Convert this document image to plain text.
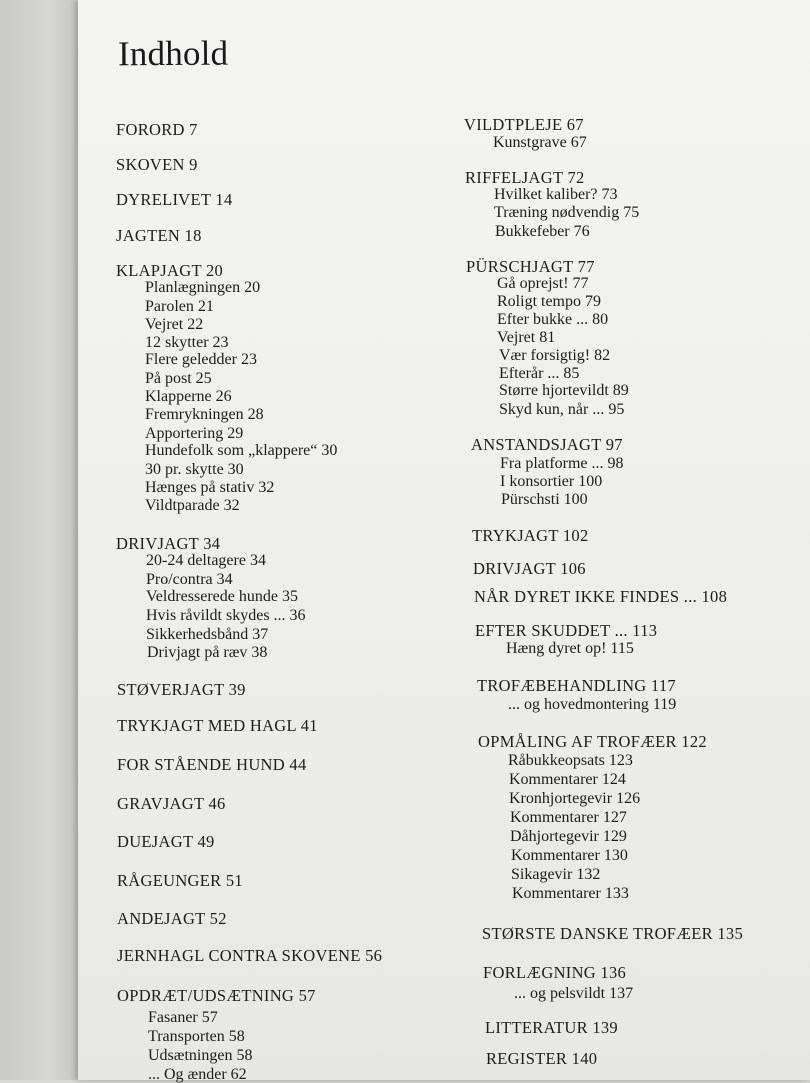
Indhold
FORORD 7
SKOVEN 9
DYRELIVET 14
JAGTEN 18
KLAPJAGT 20
Planlægningen 20
Parolen 21
Vejret 22
12 skytter 23
Flere geledder 23
På post 25
Klapperne 26
Fremrykningen 28
Apportering 29
Hundefolk som „klappere“ 30
30 pr. skytte 30
Hænges på stativ 32
Vildtparade 32
DRIVJAGT 34
20-24 deltagere 34
Pro/contra 34
Veldresserede hunde 35
Hvis råvildt skydes ... 36
Sikkerhedsbånd 37
Drivjagt på ræv 38
STØVERJAGT 39
TRYKJAGT MED HAGL 41
FOR STÅENDE HUND 44
GRAVJAGT 46
DUEJAGT 49
RÅGEUNGER 51
ANDEJAGT 52
JERNHAGL CONTRA SKOVENE 56
OPDRÆT/UDSÆTNING 57
Fasaner 57
Transporten 58
Udsætningen 58
... Og ænder 62
VILDTPLEJE 67
Kunstgrave 67
RIFFELJAGT 72
Hvilket kaliber? 73
Træning nødvendig 75
Bukkefeber 76
PÜRSCHJAGT 77
Gå oprejst! 77
Roligt tempo 79
Efter bukke ... 80
Vejret 81
Vær forsigtig! 82
Efterår ... 85
Større hjortevildt 89
Skyd kun, når ... 95
ANSTANDSJAGT 97
Fra platforme ... 98
I konsortier 100
Pürschsti 100
TRYKJAGT 102
DRIVJAGT 106
NÅR DYRET IKKE FINDES ... 108
EFTER SKUDDET ... 113
Hæng dyret op! 115
TROFÆBEHANDLING 117
... og hovedmontering 119
OPMÅLING AF TROFÆER 122
Råbukkeopsats 123
Kommentarer 124
Kronhjortegevir 126
Kommentarer 127
Dåhjortegevir 129
Kommentarer 130
Sikagevir 132
Kommentarer 133
STØRSTE DANSKE TROFÆER 135
FORLÆGNING 136
... og pelsvildt 137
LITTERATUR 139
REGISTER 140
